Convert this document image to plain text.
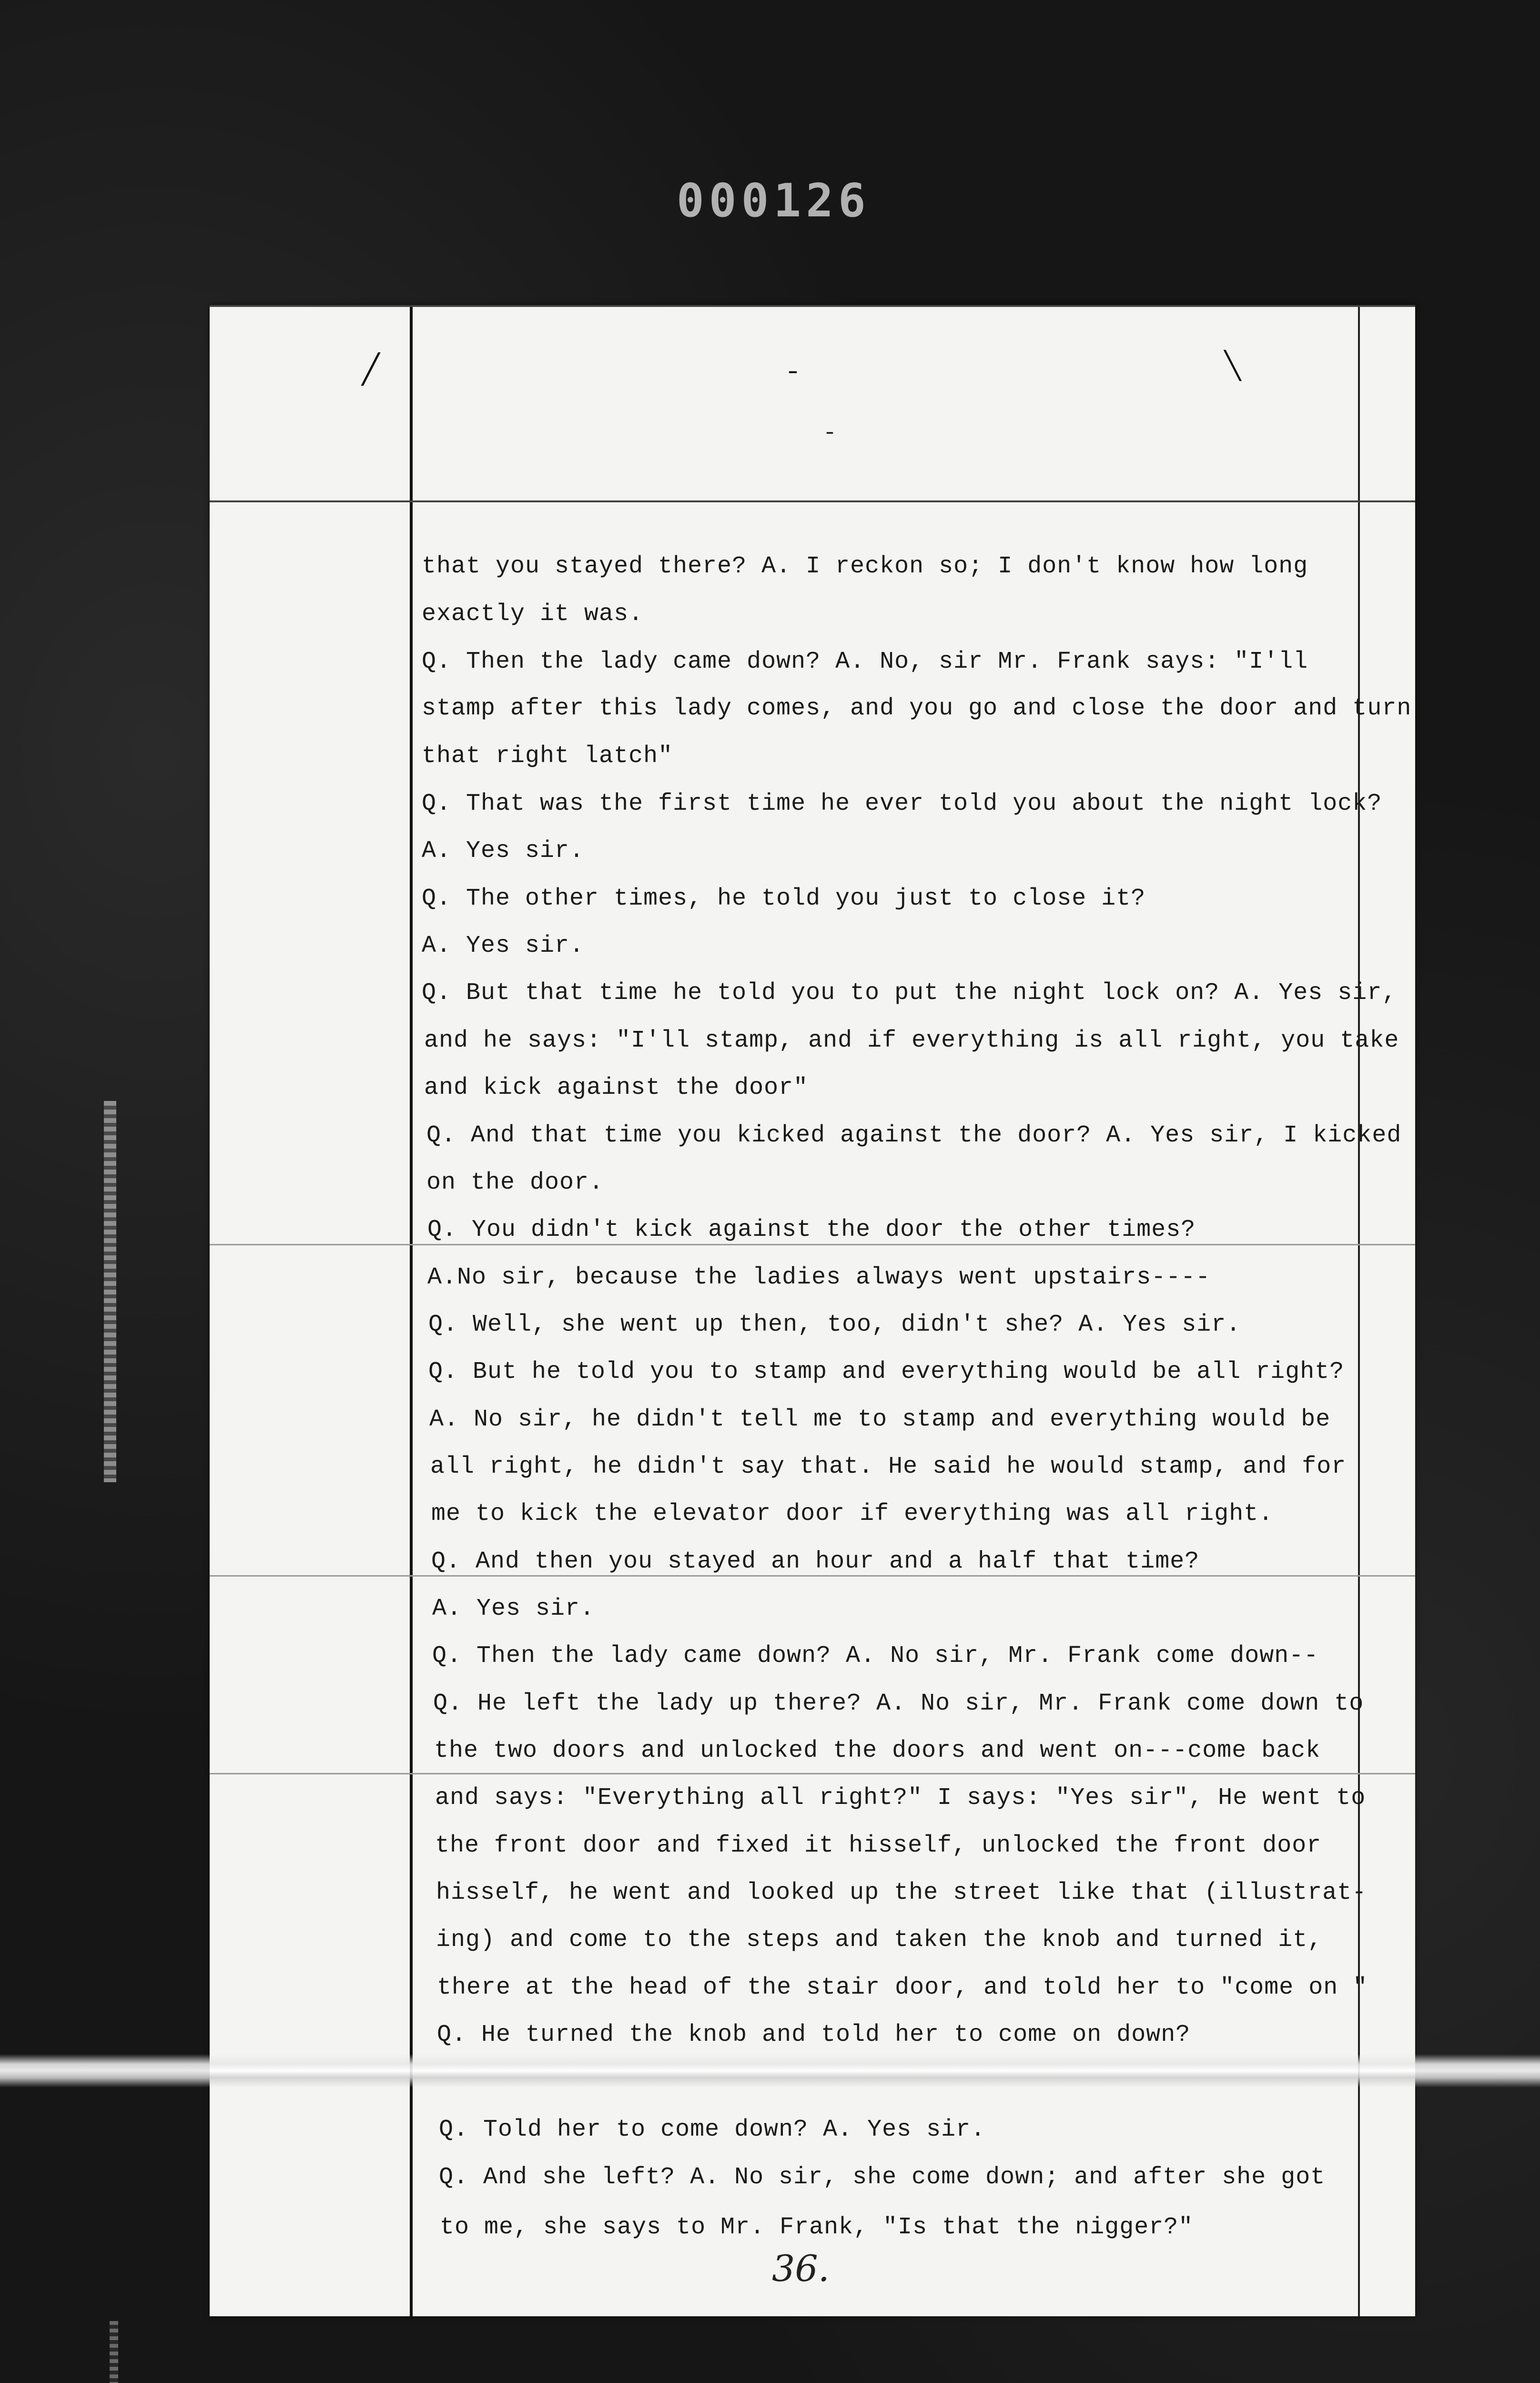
000126
╱	ˉ
ˍ
╲
that you stayed there? A. I reckon so; I don't know how long
exactly it was.
Q. Then the lady came down? A. No, sir Mr. Frank says: "I'll
stamp after this lady comes, and you go and close the door and turn
that right latch"
Q. That was the first time he ever told you about the night lock?
A. Yes sir.
Q. The other times, he told you just to close it?
A. Yes sir.
Q. But that time he told you to put the night lock on? A. Yes sir,
and he says: "I'll stamp, and if everything is all right, you take
and kick against the door"
Q. And that time you kicked against the door? A. Yes sir, I kicked
on the door.
Q. You didn't kick against the door the other times?
A.No sir, because the ladies always went upstairs----
Q. Well, she went up then, too, didn't she? A. Yes sir.
Q. But he told you to stamp and everything would be all right?
A. No sir, he didn't tell me to stamp and everything would be
all right, he didn't say that. He said he would stamp, and for
me to kick the elevator door if everything was all right.
Q. And then you stayed an hour and a half that time?
A. Yes sir.
Q. Then the lady came down? A. No sir, Mr. Frank come down--
Q. He left the lady up there? A. No sir, Mr. Frank come down to
the two doors and unlocked the doors and went on---come back
and says: "Everything all right?" I says: "Yes sir", He went to
the front door and fixed it hisself, unlocked the front door
hisself, he went and looked up the street like that (illustrat-
ing) and come to the steps and taken the knob and turned it,
there at the head of the stair door, and told her to "come on "
Q. He turned the knob and told her to come on down?
Q. Told her to come down? A. Yes sir.
Q. And she left? A. No sir, she come down; and after she got
to me, she says to Mr. Frank, "Is that the nigger?"
36.
